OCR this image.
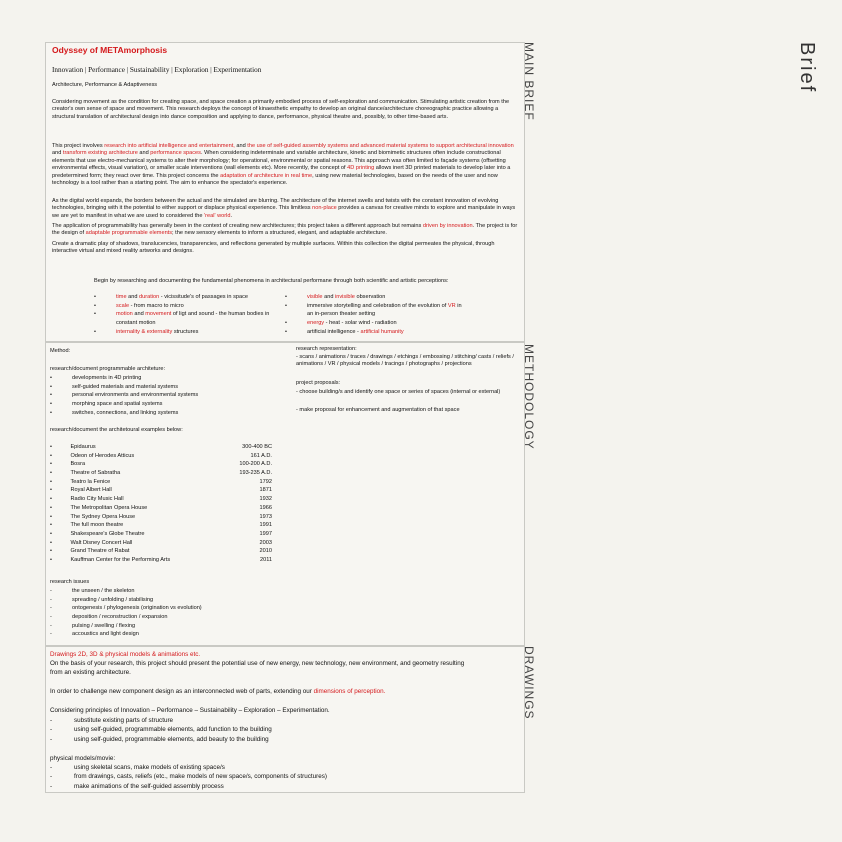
Brief
Odyssey of METAmorphosis
Innovation | Performance | Sustainability | Exploration | Experimentation
Architecture, Performance & Adaptiveness
Considering movement as the condition for creating space, and space creation a primarily embodied process of self-exploration and communication. Stimulating artistic creation from the creator's own sense of space and movement. This research deploys the concept of kinaesthetic empathy to develop an original dance/architecture choreographic practice allowing a structural translation of architectural design into dance composition and applying to dance, performance, physical theatre and, possibly, to other time-based arts.
This project involves research into artificial intelligence and entertainment, and the use of self-guided assembly systems and advanced material systems to support architectural innovation and transform existing architecture and performance spaces. When considering indeterminate and variable architecture, kinetic and biomimetic structures often include constructional elements that use electro-mechanical systems to alter their morphology; for operational, environmental or spatial reasons. This approach was often limited to façade systems (offsetting environmental effects, visual variation), or smaller scale interventions (wall elements etc). More recently, the concept of 4D printing allows inert 3D printed materials to develop later into a predetermined form; they react over time. This project concerns the adaptation of architecture in real time, using new material technologies, based on the needs of the user and now technology is a tool rather than a starting point. The aim to enhance the spectator's experience.
As the digital world expands, the borders between the actual and the simulated are blurring. The architecture of the internet swells and twists with the constant innovation of evolving technologies, bringing with it the potential to either support or displace physical experience. This limitless non-place provides a canvas for creative minds to explore and manipulate in ways we are yet to manifest in what we are used to considered the 'real' world.
The application of programmability has generally been in the context of creating new architectures; this project takes a different approach but remains driven by innovation. The project is for the design of adaptable programmable elements; the new sensory elements to inform a structured, elegant, and adaptable architecture.
Create a dramatic play of shadows, translucencies, transparencies, and reflections generated by multiple surfaces. Within this collection the digital permeates the physical, through interactive virtual and mixed reality artworks and designs.
Begin by researching and documenting the fundamental phenomena in architectural performane through both scientific and artistic perceptions:
•	time and duration - vicissitude's of passages in space
•	scale - from macro to micro
•	motion and movement of ligt and sound - the human bodies in
constant motion
•	internality & externality structures
•	visible and invisible observation
•	immersive storytelling and celebration of the evolution of VR in
an in-person theater setting
•	energy - heat - solar wind - radiation
•	artificial intelligence - artificial humanity
Method:	research representation:
- scans / animations / traces / drawings / etchings / embossing / stitching/ casts / reliefs / animations / VR / physical models / tracings / photographs / projections
project proposals:
- choose building/s and identify one space or series of spaces (internal or external)
- make proposal for enhancement and augmentation of that space
research/document programmable architeture:
•	developments in 4D printing
•	self-guided materials and material systems
•	personal environments and environmental systems
•	morphing space and spatial systems
•	switches, connections, and linking systems
research/document the architetoural examples below:
•	Epidaurus	300-400 BC
•	Odeon of Herodes Atticus	161 A.D.
•	Bosra	100-200 A.D.
•	Theatre of Sabratha	193-235 A.D.
•	Teatro la Fenice	1792
•	Royal Albert Hall	1871
•	Radio City Music Hall	1932
•	The Metropolitan Opera House	1966
•	The Sydney Opera House	1973
•	The full moon theatre	1991
•	Shakespeare's Globe Theatre	1997
•	Walt Disney Concert Hall	2003
•	Grand Theatre of Rabat	2010
•	Kauffman Center for the Performing Arts	2011
research issues
-	the unseen / the skeleton
-	spreading / unfolding / stabilising
-	ontogenesis / phylogenesis (origination vs evolution)
-	deposition / reconstruction / expansion
-	pulsing / swelling / flexing
-	accoustics and light design
Drawings 2D, 3D & physical models & animations etc.
On the basis of your research, this project should present the potential use of new energy, new technology, new environment, and geometry resulting from an existing architecture.
In order to challenge new component design as an interconnected web of parts, extending our dimensions of perception.
Considering principles of Innovation – Performance – Sustainability – Exploration – Experimentation.
-	substitute existing parts of structure
-	using self-guided, programmable elements, add function to the building
-	using self-guided, programmable elements, add beauty to the building
physical models/movie:
-	using skeletal scans, make models of existing space/s
-	from drawings, casts, reliefs (etc., make models of new space/s, components of structures)
-	make animations of the self-guided assembly process
MAIN BRIEF
METHODOLOGY
DRAWINGS
